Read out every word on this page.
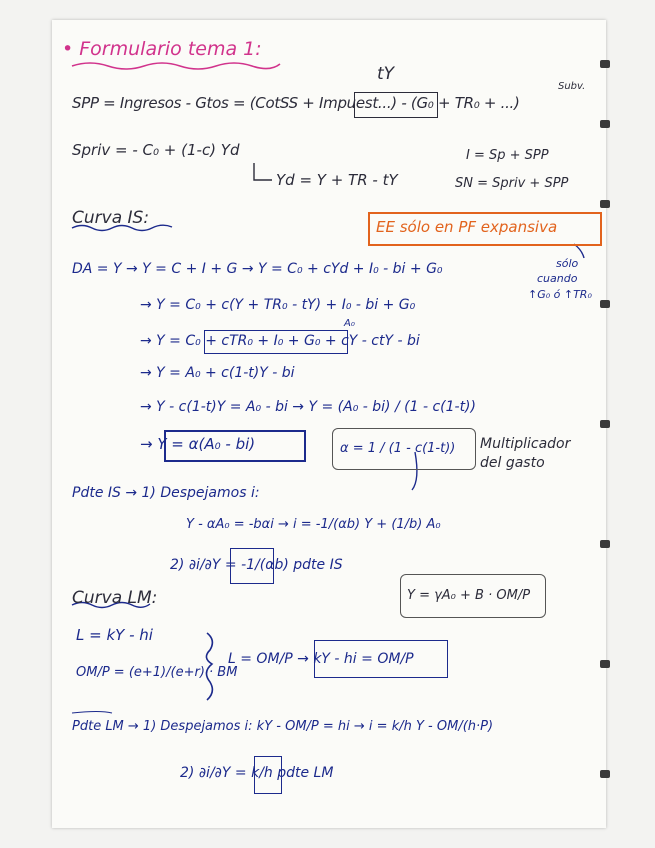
• Formulario tema 1:
tY
Subv.
SPP = Ingresos - Gtos = (CotSS + Impuest...) - (G₀ + TR₀ + ...)
Spriv = - C₀ + (1-c) Yd	I = Sp + SPP
Yd = Y + TR - tY	SN = Spriv + SPP
Curva IS:	EE sólo en PF expansiva
sólo
cuando
↑G₀ ó ↑TR₀
DA = Y → Y = C + I + G → Y = C₀ + cYd + I₀ - bi + G₀
→ Y = C₀ + c(Y + TR₀ - tY) + I₀ - bi + G₀
A₀
→ Y = C₀ + cTR₀ + I₀ + G₀ + cY - ctY - bi
→ Y = A₀ + c(1-t)Y - bi
→ Y - c(1-t)Y = A₀ - bi → Y = (A₀ - bi) / (1 - c(1-t))
→ Y = α(A₀ - bi)	α = 1 / (1 - c(1-t)) Multiplicador
del gasto
Pdte IS → 1) Despejamos i:
Y - αA₀ = -bαi → i = -1/(αb) Y + (1/b) A₀
2) ∂i/∂Y = -1/(αb) pdte IS
Y = γA₀ + B · OM/P
Curva LM:
L = kY - hi
OM/P = (e+1)/(e+r) · BM
L = OM/P → kY - hi = OM/P
Pdte LM → 1) Despejamos i: kY - OM/P = hi → i = k/h Y - OM/(h·P)
2) ∂i/∂Y = k/h pdte LM
